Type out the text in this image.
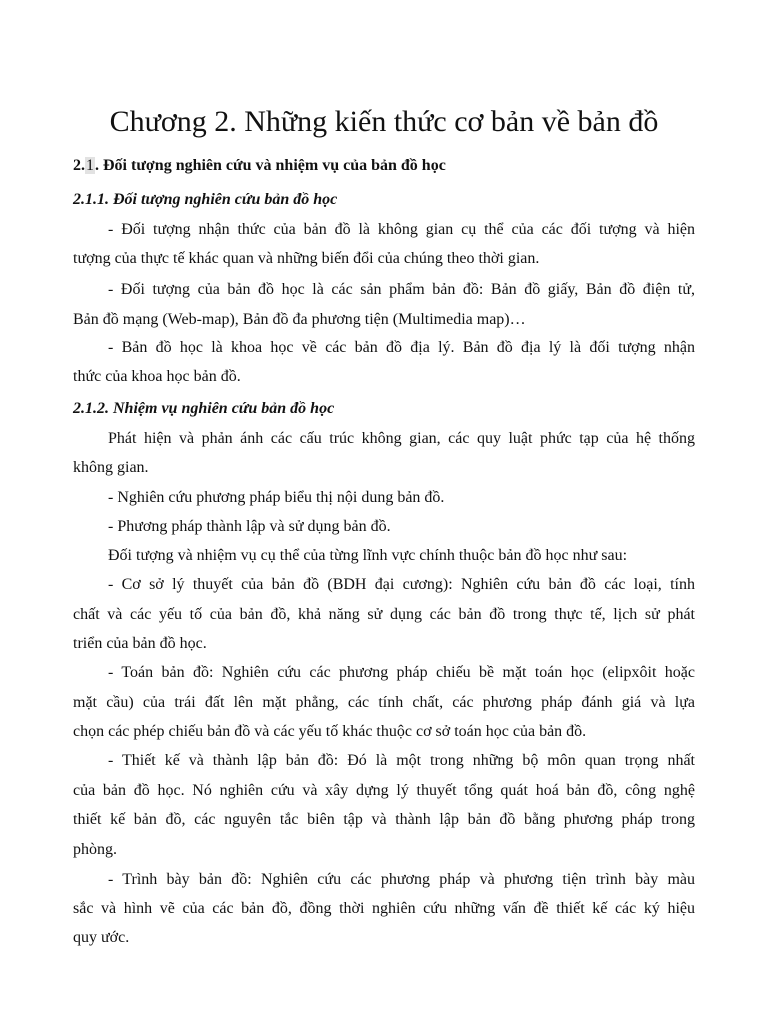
Chương 2. Những kiến thức cơ bản về bản đồ
2.1. Đối tượng nghiên cứu và nhiệm vụ của bản đồ học
2.1.1. Đối tượng nghiên cứu bản đồ học
- Đối tượng nhận thức của bản đồ là không gian cụ thể của các đối tượng và hiện
tượng của thực tế khác quan và những biến đổi của chúng theo thời gian.
- Đối tượng của bản đồ học là các sản phẩm bản đồ: Bản đồ giấy, Bản đồ điện tử,
Bản đồ mạng (Web-map), Bản đồ đa phương tiện (Multimedia map)…
- Bản đồ học là khoa học về các bản đồ địa lý. Bản đồ địa lý là đối tượng nhận
thức của khoa học bản đồ.
2.1.2. Nhiệm vụ nghiên cứu bản đồ học
Phát hiện và phản ánh các cấu trúc không gian, các quy luật phức tạp của hệ thống
không gian.
- Nghiên cứu phương pháp biểu thị nội dung bản đồ.
- Phương pháp thành lập và sử dụng bản đồ.
Đối tượng và nhiệm vụ cụ thể của từng lĩnh vực chính thuộc bản đồ học như sau:
- Cơ sở lý thuyết của bản đồ (BDH đại cương): Nghiên cứu bản đồ các loại, tính
chất và các yếu tố của bản đồ, khả năng sử dụng các bản đồ trong thực tế, lịch sử phát
triển của bản đồ học.
- Toán bản đồ: Nghiên cứu các phương pháp chiếu bề mặt toán học (elipxôit hoặc
mặt cầu) của trái đất lên mặt phẳng, các tính chất, các phương pháp đánh giá và lựa
chọn các phép chiếu bản đồ và các yếu tố khác thuộc cơ sở toán học của bản đồ.
- Thiết kế và thành lập bản đồ: Đó là một trong những bộ môn quan trọng nhất
của bản đồ học. Nó nghiên cứu và xây dựng lý thuyết tổng quát hoá bản đồ, công nghệ
thiết kế bản đồ, các nguyên tắc biên tập và thành lập bản đồ bằng phương pháp trong
phòng.
- Trình bày bản đồ: Nghiên cứu các phương pháp và phương tiện trình bày màu
sắc và hình vẽ của các bản đồ, đồng thời nghiên cứu những vấn đề thiết kế các ký hiệu
quy ước.
